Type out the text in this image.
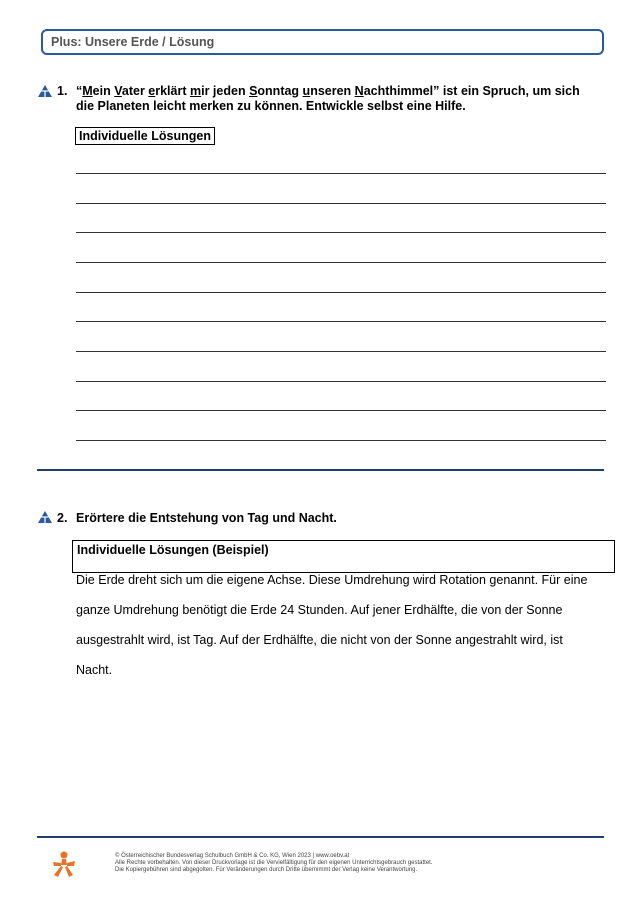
Plus: Unsere Erde / Lösung
1. “Mein Vater erklärt mir jeden Sonntag unseren Nachthimmel” ist ein Spruch, um sich
die Planeten leicht merken zu können. Entwickle selbst eine Hilfe.
Individuelle Lösungen
2. Erörtere die Entstehung von Tag und Nacht.
Individuelle Lösungen (Beispiel)
Die Erde dreht sich um die eigene Achse. Diese Umdrehung wird Rotation genannt. Für eine
ganze Umdrehung benötigt die Erde 24 Stunden. Auf jener Erdhälfte, die von der Sonne
ausgestrahlt wird, ist Tag. Auf der Erdhälfte, die nicht von der Sonne angestrahlt wird, ist
Nacht.
© Österreichischer Bundesverlag Schulbuch GmbH & Co. KG, Wien 2023 | www.oebv.at
Alle Rechte vorbehalten. Von dieser Druckvorlage ist die Vervielfältigung für den eigenen Unterrichtsgebrauch gestattet.
Die Kopiergebühren sind abgegolten. Für Veränderungen durch Dritte übernimmt der Verlag keine Verantwortung.
